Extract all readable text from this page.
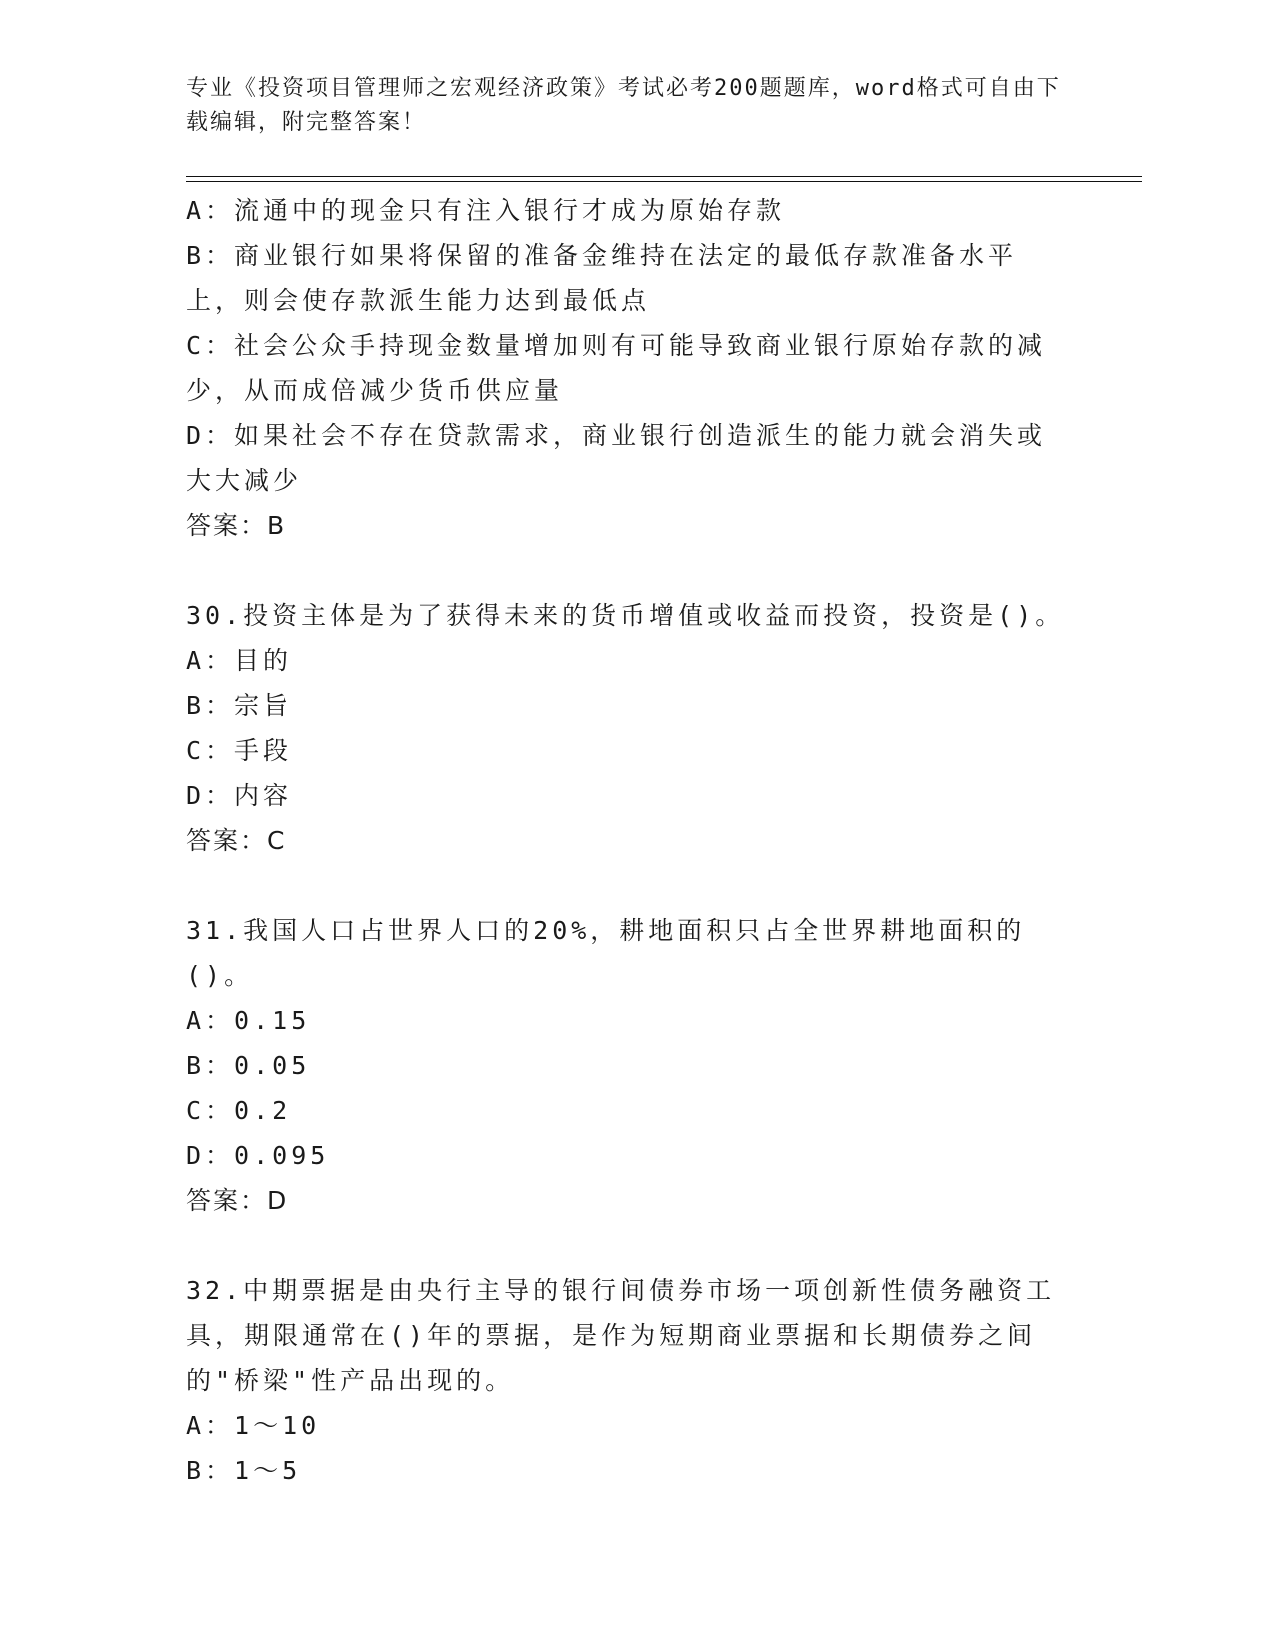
专业《投资项目管理师之宏观经济政策》考试必考200题题库，word格式可自由下载编辑，附完整答案！
A：流通中的现金只有注入银行才成为原始存款
B：商业银行如果将保留的准备金维持在法定的最低存款准备水平上，则会使存款派生能力达到最低点
C：社会公众手持现金数量增加则有可能导致商业银行原始存款的减少，从而成倍减少货币供应量
D：如果社会不存在贷款需求，商业银行创造派生的能力就会消失或大大减少
答案：B
30.投资主体是为了获得未来的货币增值或收益而投资，投资是()。
A：目的
B：宗旨
C：手段
D：内容
答案：C
31.我国人口占世界人口的20%，耕地面积只占全世界耕地面积的()。
A：0.15
B：0.05
C：0.2
D：0.095
答案：D
32.中期票据是由央行主导的银行间债券市场一项创新性债务融资工具，期限通常在()年的票据，是作为短期商业票据和长期债券之间的"桥梁"性产品出现的。
A：1～10
B：1～5
